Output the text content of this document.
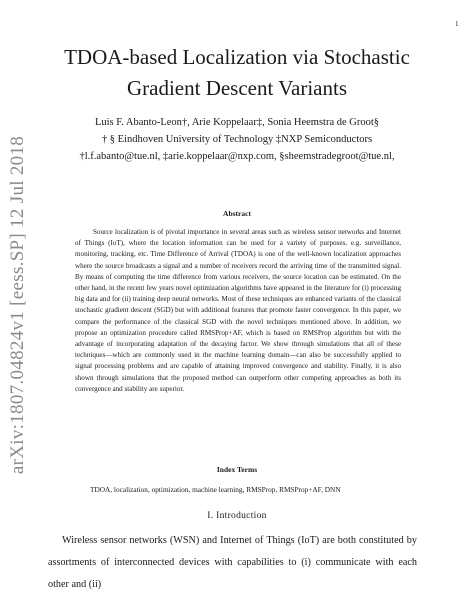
1
arXiv:1807.04824v1 [eess.SP] 12 Jul 2018
TDOA-based Localization via Stochastic
Gradient Descent Variants
Luis F. Abanto-Leon†, Arie Koppelaar‡, Sonia Heemstra de Groot§
† § Eindhoven University of Technology ‡NXP Semiconductors
†l.f.abanto@tue.nl, ‡arie.koppelaar@nxp.com, §sheemstradegroot@tue.nl,
Abstract

Source localization is of pivotal importance in several areas such as wireless sensor networks and Internet of Things (IoT), where the location information can be used for a variety of purposes, e.g. surveillance, monitoring, tracking, etc. Time Difference of Arrival (TDOA) is one of the well-known localization approaches where the source broadcasts a signal and a number of receivers record the arriving time of the transmitted signal. By means of computing the time difference from various receivers, the source location can be estimated. On the other hand, in the recent few years novel optimization algorithms have appeared in the literature for (i) processing big data and for (ii) training deep neural networks. Most of these techniques are enhanced variants of the classical stochastic gradient descent (SGD) but with additional features that promote faster convergence. In this paper, we compare the performance of the classical SGD with the novel techniques mentioned above. In addition, we propose an optimization procedure called RMSProp+AF, which is based on RMSProp algorithm but with the advantage of incorporating adaptation of the decaying factor. We show through simulations that all of these techniques—which are commonly used in the machine learning domain—can also be successfully applied to signal processing problems and are capable of attaining improved convergence and stability. Finally, it is also shown through simulations that the proposed method can outperform other competing approaches as both its convergence and stability are superior.

Index Terms

TDOA, localization, optimization, machine learning, RMSProp, RMSProp+AF, DNN

I. Introduction

Wireless sensor networks (WSN) and Internet of Things (IoT) are both constituted by assortments of interconnected devices with capabilities to (i) communicate with each other and (ii)
